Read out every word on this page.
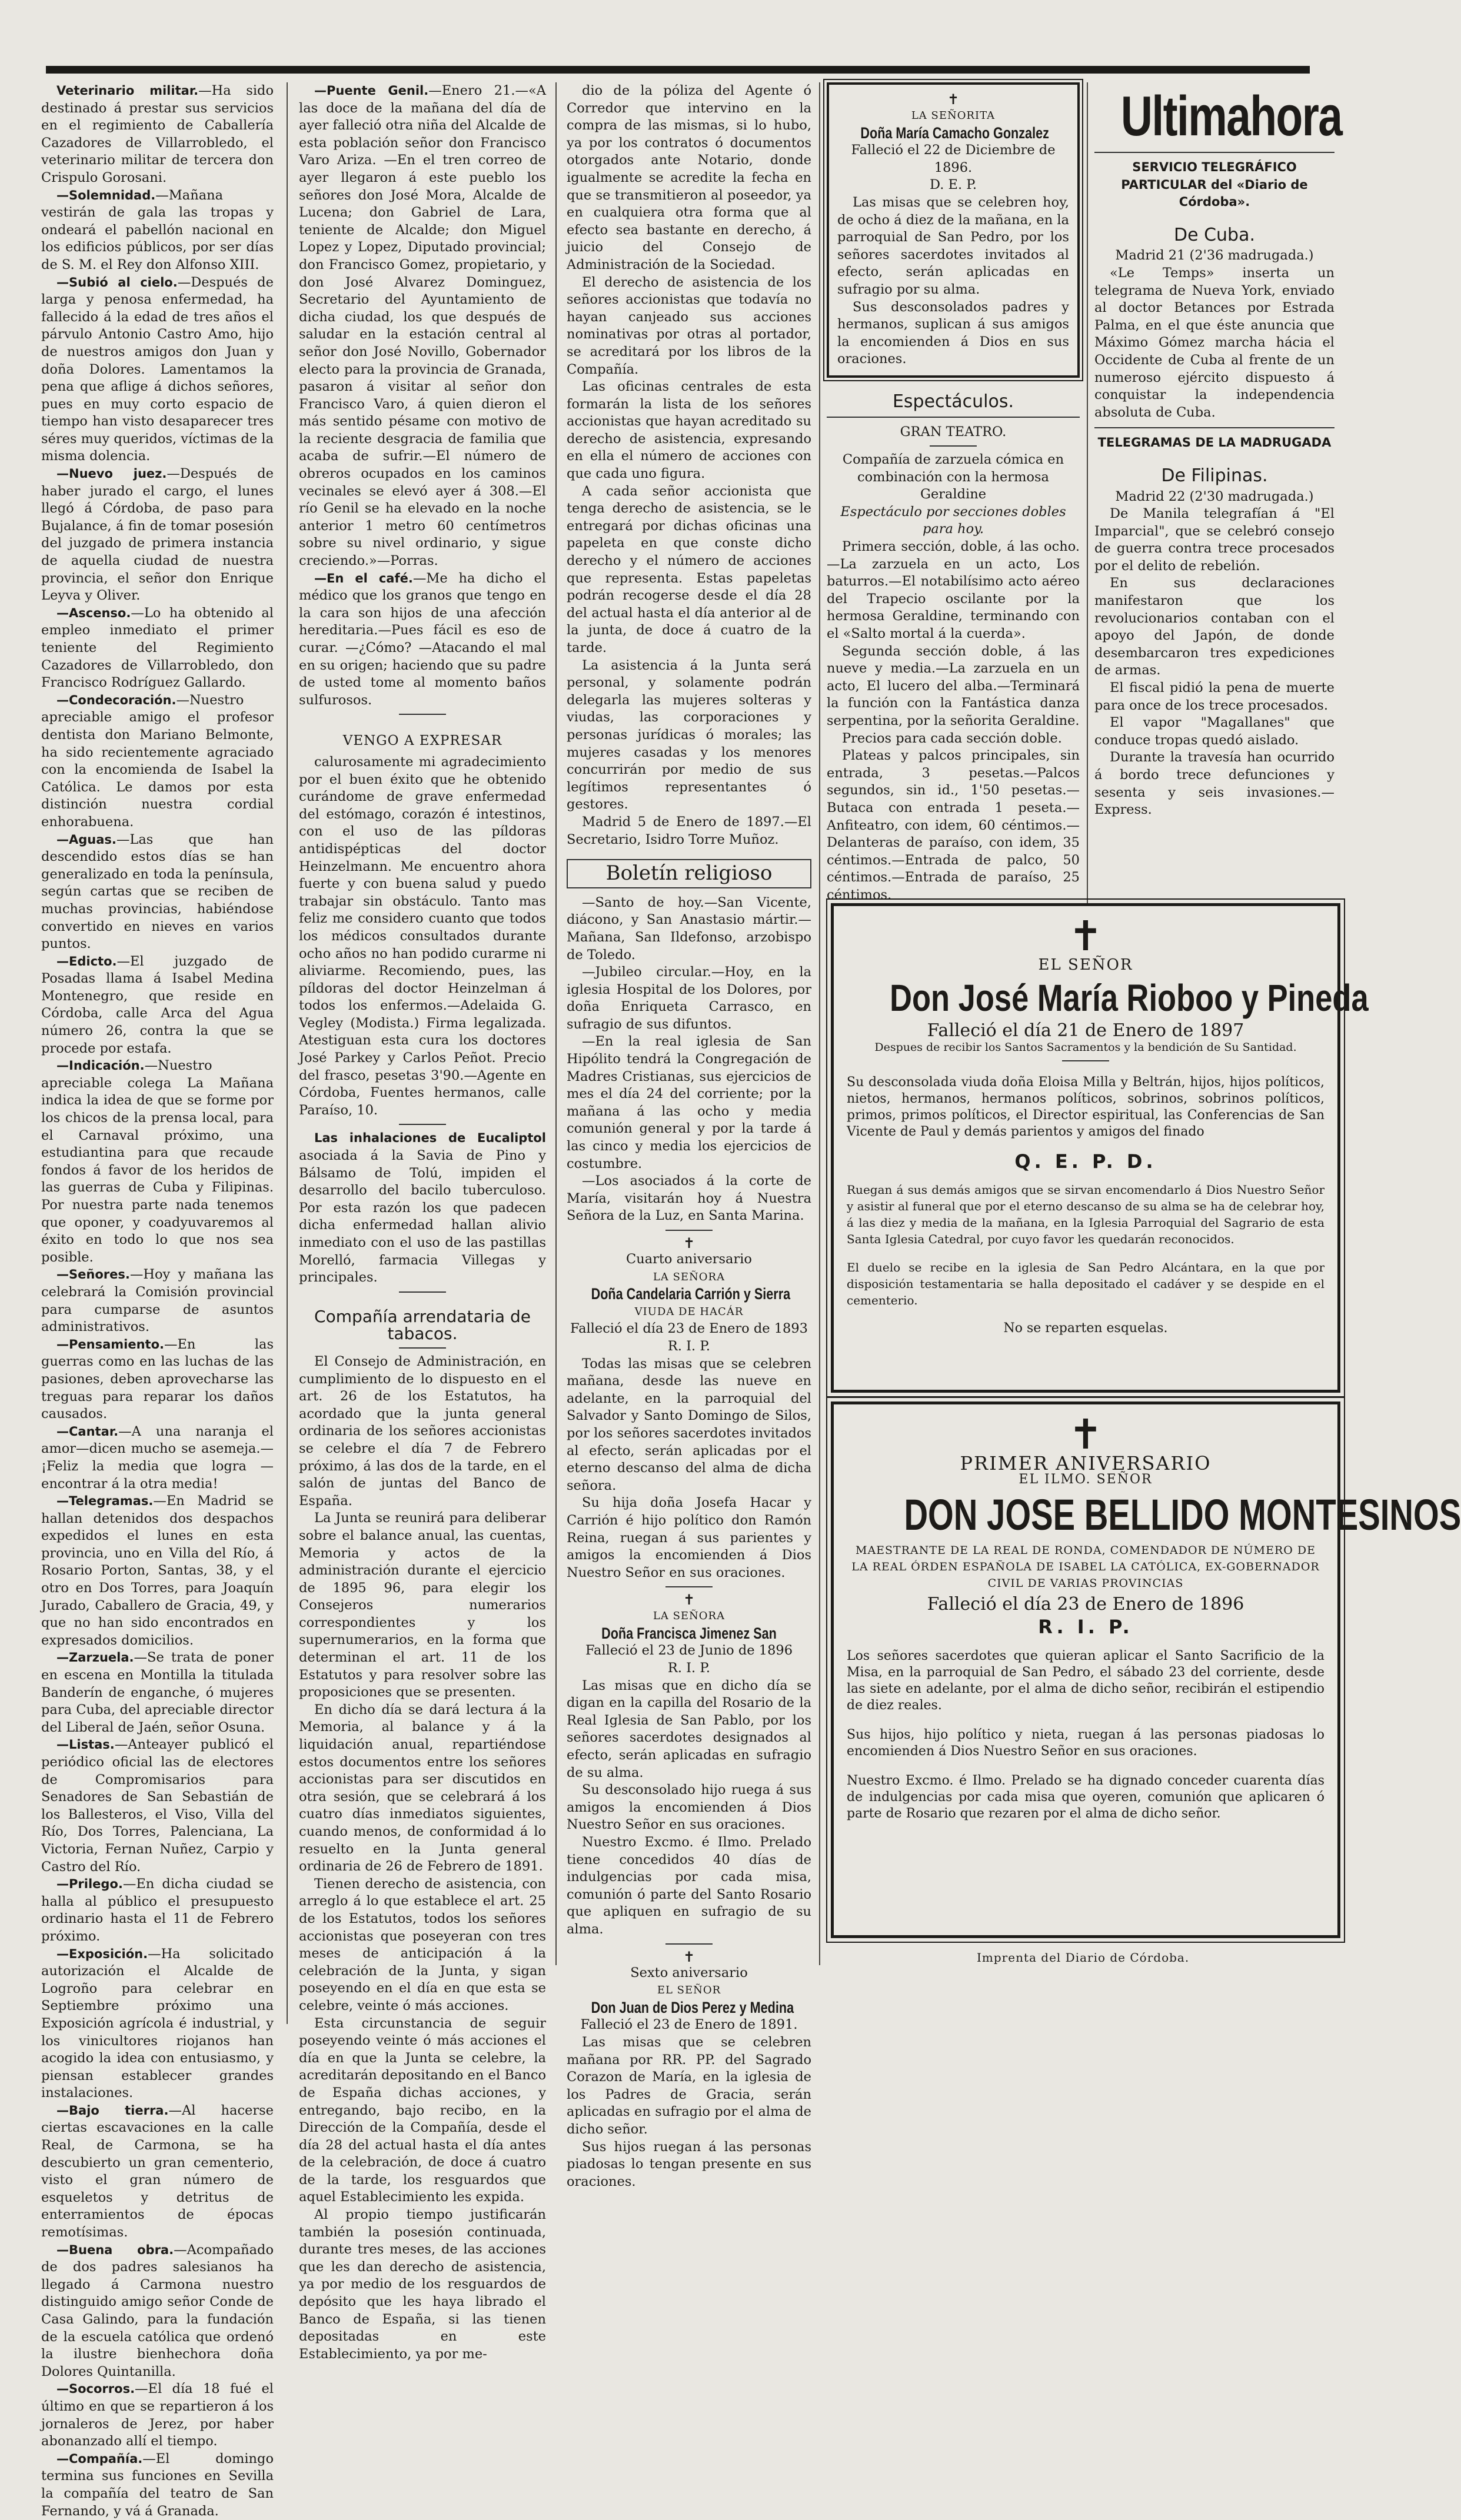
Veterinario militar.—Ha sido destinado á prestar sus servicios en el regimiento de Caballería Cazadores de Villarrobledo, el veterinario militar de tercera don Crispulo Gorosani.

—Solemnidad.—Mañana vestirán de gala las tropas y ondeará el pabellón nacional en los edificios públicos, por ser días de S. M. el Rey don Alfonso XIII.

—Subió al cielo.—Después de larga y penosa enfermedad, ha fallecido á la edad de tres años el párvulo Antonio Castro Amo, hijo de nuestros amigos don Juan y doña Dolores. Lamentamos la pena que aflige á dichos señores, pues en muy corto espacio de tiempo han visto desaparecer tres séres muy queridos, víctimas de la misma dolencia.

—Nuevo juez.—Después de haber jurado el cargo, el lunes llegó á Córdoba, de paso para Bujalance, á fin de tomar posesión del juzgado de primera instancia de aquella ciudad de nuestra provincia, el señor don Enrique Leyva y Oliver.

—Ascenso.—Lo ha obtenido al empleo inmediato el primer teniente del Regimiento Cazadores de Villarrobledo, don Francisco Rodríguez Gallardo.

—Condecoración.—Nuestro apreciable amigo el profesor dentista don Mariano Belmonte, ha sido recientemente agraciado con la encomienda de Isabel la Católica. Le damos por esta distinción nuestra cordial enhorabuena.

—Aguas.—Las que han descendido estos días se han generalizado en toda la península, según cartas que se reciben de muchas provincias, habiéndose convertido en nieves en varios puntos.

—Edicto.—El juzgado de Posadas llama á Isabel Medina Montenegro, que reside en Córdoba, calle Arca del Agua número 26, contra la que se procede por estafa.

—Indicación.—Nuestro apreciable colega La Mañana indica la idea de que se forme por los chicos de la prensa local, para el Carnaval próximo, una estudiantina para que recaude fondos á favor de los heridos de las guerras de Cuba y Filipinas. Por nuestra parte nada tenemos que oponer, y coadyuvaremos al éxito en todo lo que nos sea posible.

—Señores.—Hoy y mañana las celebrará la Comisión provincial para cumparse de asuntos administrativos.

—Pensamiento.—En las guerras como en las luchas de las pasiones, deben aprovecharse las treguas para reparar los daños causados.

—Cantar.—A una naranja el amor—dicen mucho se asemeja.—¡Feliz la media que logra —encontrar á la otra media!

—Telegramas.—En Madrid se hallan detenidos dos despachos expedidos el lunes en esta provincia, uno en Villa del Río, á Rosario Porton, Santas, 38, y el otro en Dos Torres, para Joaquín Jurado, Caballero de Gracia, 49, y que no han sido encontrados en expresados domicilios.

—Zarzuela.—Se trata de poner en escena en Montilla la titulada Banderín de enganche, ó mujeres para Cuba, del apreciable director del Liberal de Jaén, señor Osuna.

—Listas.—Anteayer publicó el periódico oficial las de electores de Compromisarios para Senadores de San Sebastián de los Ballesteros, el Viso, Villa del Río, Dos Torres, Palenciana, La Victoria, Fernan Nuñez, Carpio y Castro del Río.

—Prilego.—En dicha ciudad se halla al público el presupuesto ordinario hasta el 11 de Febrero próximo.

—Exposición.—Ha solicitado autorización el Alcalde de Logroño para celebrar en Septiembre próximo una Exposición agrícola é industrial, y los vinicultores riojanos han acogido la idea con entusiasmo, y piensan establecer grandes instalaciones.

—Bajo tierra.—Al hacerse ciertas escavaciones en la calle Real, de Carmona, se ha descubierto un gran cementerio, visto el gran número de esqueletos y detritus de enterramientos de épocas remotísimas.

—Buena obra.—Acompañado de dos padres salesianos ha llegado á Carmona nuestro distinguido amigo señor Conde de Casa Galindo, para la fundación de la escuela católica que ordenó la ilustre bienhechora doña Dolores Quintanilla.

—Socorros.—El día 18 fué el último en que se repartieron á los jornaleros de Jerez, por haber abonanzado allí el tiempo.

—Compañía.—El domingo termina sus funciones en Sevilla la compañía del teatro de San Fernando, y vá á Granada.

—Puente Genil.—Enero 21.—«A las doce de la mañana del día de ayer falleció otra niña del Alcalde de esta población señor don Francisco Varo Ariza. —En el tren correo de ayer llegaron á este pueblo los señores don José Mora, Alcalde de Lucena; don Gabriel de Lara, teniente de Alcalde; don Miguel Lopez y Lopez, Diputado provincial; don Francisco Gomez, propietario, y don José Alvarez Dominguez, Secretario del Ayuntamiento de dicha ciudad, los que después de saludar en la estación central al señor don José Novillo, Gobernador electo para la provincia de Granada, pasaron á visitar al señor don Francisco Varo, á quien dieron el más sentido pésame con motivo de la reciente desgracia de familia que acaba de sufrir.—El número de obreros ocupados en los caminos vecinales se elevó ayer á 308.—El río Genil se ha elevado en la noche anterior 1 metro 60 centímetros sobre su nivel ordinario, y sigue creciendo.»—Porras.

—En el café.—Me ha dicho el médico que los granos que tengo en la cara son hijos de una afección hereditaria.—Pues fácil es eso de curar. —¿Cómo? —Atacando el mal en su origen; haciendo que su padre de usted tome al momento baños sulfurosos.

VENGO A EXPRESAR

calurosamente mi agradecimiento por el buen éxito que he obtenido curándome de grave enfermedad del estómago, corazón é intestinos, con el uso de las píldoras antidispépticas del doctor Heinzelmann. Me encuentro ahora fuerte y con buena salud y puedo trabajar sin obstáculo. Tanto mas feliz me considero cuanto que todos los médicos consultados durante ocho años no han podido curarme ni aliviarme. Recomiendo, pues, las píldoras del doctor Heinzelman á todos los enfermos.—Adelaida G. Vegley (Modista.) Firma legalizada. Atestiguan esta cura los doctores José Parkey y Carlos Peñot. Precio del frasco, pesetas 3'90.—Agente en Córdoba, Fuentes hermanos, calle Paraíso, 10.

Las inhalaciones de Eucaliptol asociada á la Savia de Pino y Bálsamo de Tolú, impiden el desarrollo del bacilo tuberculoso. Por esta razón los que padecen dicha enfermedad hallan alivio inmediato con el uso de las pastillas Morelló, farmacia Villegas y principales.

Compañía arrendataria de tabacos.

El Consejo de Administración, en cumplimiento de lo dispuesto en el art. 26 de los Estatutos, ha acordado que la junta general ordinaria de los señores accionistas se celebre el día 7 de Febrero próximo, á las dos de la tarde, en el salón de juntas del Banco de España.

La Junta se reunirá para deliberar sobre el balance anual, las cuentas, Memoria y actos de la administración durante el ejercicio de 1895 96, para elegir los Consejeros numerarios correspondientes y los supernumerarios, en la forma que determinan el art. 11 de los Estatutos y para resolver sobre las proposiciones que se presenten.

En dicho día se dará lectura á la Memoria, al balance y á la liquidación anual, repartiéndose estos documentos entre los señores accionistas para ser discutidos en otra sesión, que se celebrará á los cuatro días inmediatos siguientes, cuando menos, de conformidad á lo resuelto en la Junta general ordinaria de 26 de Febrero de 1891.

Tienen derecho de asistencia, con arreglo á lo que establece el art. 25 de los Estatutos, todos los señores accionistas que poseyeran con tres meses de anticipación á la celebración de la Junta, y sigan poseyendo en el día en que esta se celebre, veinte ó más acciones.

Esta circunstancia de seguir poseyendo veinte ó más acciones el día en que la Junta se celebre, la acreditarán depositando en el Banco de España dichas acciones, y entregando, bajo recibo, en la Dirección de la Compañía, desde el día 28 del actual hasta el día antes de la celebración, de doce á cuatro de la tarde, los resguardos que aquel Establecimiento les expida.

Al propio tiempo justificarán también la posesión continuada, durante tres meses, de las acciones que les dan derecho de asistencia, ya por medio de los resguardos de depósito que les haya librado el Banco de España, si las tienen depositadas en este Establecimiento, ya por me-

dio de la póliza del Agente ó Corredor que intervino en la compra de las mismas, si lo hubo, ya por los contratos ó documentos otorgados ante Notario, donde igualmente se acredite la fecha en que se transmitieron al poseedor, ya en cualquiera otra forma que al efecto sea bastante en derecho, á juicio del Consejo de Administración de la Sociedad.

El derecho de asistencia de los señores accionistas que todavía no hayan canjeado sus acciones nominativas por otras al portador, se acreditará por los libros de la Compañía.

Las oficinas centrales de esta formarán la lista de los señores accionistas que hayan acreditado su derecho de asistencia, expresando en ella el número de acciones con que cada uno figura.

A cada señor accionista que tenga derecho de asistencia, se le entregará por dichas oficinas una papeleta en que conste dicho derecho y el número de acciones que representa. Estas papeletas podrán recogerse desde el día 28 del actual hasta el día anterior al de la junta, de doce á cuatro de la tarde.

La asistencia á la Junta será personal, y solamente podrán delegarla las mujeres solteras y viudas, las corporaciones y personas jurídicas ó morales; las mujeres casadas y los menores concurrirán por medio de sus legítimos representantes ó gestores.

Madrid 5 de Enero de 1897.—El Secretario, Isidro Torre Muñoz.

Boletín religioso

—Santo de hoy.—San Vicente, diácono, y San Anastasio mártir.—Mañana, San Ildefonso, arzobispo de Toledo.

—Jubileo circular.—Hoy, en la iglesia Hospital de los Dolores, por doña Enriqueta Carrasco, en sufragio de sus difuntos.

—En la real iglesia de San Hipólito tendrá la Congregación de Madres Cristianas, sus ejercicios de mes el día 24 del corriente; por la mañana á las ocho y media comunión general y por la tarde á las cinco y media los ejercicios de costumbre.

—Los asociados á la corte de María, visitarán hoy á Nuestra Señora de la Luz, en Santa Marina.

✝
Cuarto aniversario
LA SEÑORA
Doña Candelaria Carrión y Sierra
VIUDA DE HACÁR
Falleció el día 23 de Enero de 1893
R. I. P.

Todas las misas que se celebren mañana, desde las nueve en adelante, en la parroquial del Salvador y Santo Domingo de Silos, por los señores sacerdotes invitados al efecto, serán aplicadas por el eterno descanso del alma de dicha señora.

Su hija doña Josefa Hacar y Carrión é hijo político don Ramón Reina, ruegan á sus parientes y amigos la encomienden á Dios Nuestro Señor en sus oraciones.

✝
LA SEÑORA
Doña Francisca Jimenez San
Falleció el 23 de Junio de 1896
R. I. P.

Las misas que en dicho día se digan en la capilla del Rosario de la Real Iglesia de San Pablo, por los señores sacerdotes designados al efecto, serán aplicadas en sufragio de su alma.

Su desconsolado hijo ruega á sus amigos la encomienden á Dios Nuestro Señor en sus oraciones.

Nuestro Excmo. é Ilmo. Prelado tiene concedidos 40 días de indulgencias por cada misa, comunión ó parte del Santo Rosario que apliquen en sufragio de su alma.

✝
Sexto aniversario
EL SEÑOR
Don Juan de Dios Perez y Medina
Falleció el 23 de Enero de 1891.

Las misas que se celebren mañana por RR. PP. del Sagrado Corazon de María, en la iglesia de los Padres de Gracia, serán aplicadas en sufragio por el alma de dicho señor.

Sus hijos ruegan á las personas piadosas lo tengan presente en sus oraciones.

✝
LA SEÑORITA
Doña María Camacho Gonzalez
Falleció el 22 de Diciembre de 1896.
D. E. P.

Las misas que se celebren hoy, de ocho á diez de la mañana, en la parroquial de San Pedro, por los señores sacerdotes invitados al efecto, serán aplicadas en sufragio por su alma.

Sus desconsolados padres y hermanos, suplican á sus amigos la encomienden á Dios en sus oraciones.

Espectáculos.
GRAN TEATRO.
Compañía de zarzuela cómica en combinación con la hermosa Geraldine
Espectáculo por secciones dobles para hoy.

Primera sección, doble, á las ocho.—La zarzuela en un acto, Los baturros.—El notabilísimo acto aéreo del Trapecio oscilante por la hermosa Geraldine, terminando con el «Salto mortal á la cuerda».

Segunda sección doble, á las nueve y media.—La zarzuela en un acto, El lucero del alba.—Terminará la función con la Fantástica danza serpentina, por la señorita Geraldine.

Precios para cada sección doble.

Plateas y palcos principales, sin entrada, 3 pesetas.—Palcos segundos, sin id., 1'50 pesetas.—Butaca con entrada 1 peseta.—Anfiteatro, con idem, 60 céntimos.—Delanteras de paraíso, con idem, 35 céntimos.—Entrada de palco, 50 céntimos.—Entrada de paraíso, 25 céntimos.

Ultimahora
SERVICIO TELEGRÁFICO PARTICULAR del «Diario de Córdoba».
De Cuba.
Madrid 21 (2'36 madrugada.)

«Le Temps» inserta un telegrama de Nueva York, enviado al doctor Betances por Estrada Palma, en el que éste anuncia que Máximo Gómez marcha hácia el Occidente de Cuba al frente de un numeroso ejército dispuesto á conquistar la independencia absoluta de Cuba.

TELEGRAMAS DE LA MADRUGADA
De Filipinas.
Madrid 22 (2'30 madrugada.)

De Manila telegrafían á "El Imparcial", que se celebró consejo de guerra contra trece procesados por el delito de rebelión.

En sus declaraciones manifestaron que los revolucionarios contaban con el apoyo del Japón, de donde desembarcaron tres expediciones de armas.

El fiscal pidió la pena de muerte para once de los trece procesados.

El vapor "Magallanes" que conduce tropas quedó aislado.

Durante la travesía han ocurrido á bordo trece defunciones y sesenta y seis invasiones.—Express.

✝
EL SEÑOR
Don José María Rioboo y Pineda
Falleció el día 21 de Enero de 1897
Despues de recibir los Santos Sacramentos y la bendición de Su Santidad.

Su desconsolada viuda doña Eloisa Milla y Beltrán, hijos, hijos políticos, nietos, hermanos, hermanos políticos, sobrinos, sobrinos políticos, primos, primos políticos, el Director espiritual, las Conferencias de San Vicente de Paul y demás parientos y amigos del finado

Q. E. P. D.

Ruegan á sus demás amigos que se sirvan encomendarlo á Dios Nuestro Señor y asistir al funeral que por el eterno descanso de su alma se ha de celebrar hoy, á las diez y media de la mañana, en la Iglesia Parroquial del Sagrario de esta Santa Iglesia Catedral, por cuyo favor les quedarán reconocidos.

El duelo se recibe en la iglesia de San Pedro Alcántara, en la que por disposición testamentaria se halla depositado el cadáver y se despide en el cementerio.

No se reparten esquelas.
✝
PRIMER ANIVERSARIO
EL ILMO. SEÑOR
DON JOSE BELLIDO MONTESINOS
MAESTRANTE DE LA REAL DE RONDA, COMENDADOR DE NÚMERO DE LA REAL ÓRDEN ESPAÑOLA DE ISABEL LA CATÓLICA, EX-GOBERNADOR CIVIL DE VARIAS PROVINCIAS
Falleció el día 23 de Enero de 1896
R. I. P.

Los señores sacerdotes que quieran aplicar el Santo Sacrificio de la Misa, en la parroquial de San Pedro, el sábado 23 del corriente, desde las siete en adelante, por el alma de dicho señor, recibirán el estipendio de diez reales.

Sus hijos, hijo político y nieta, ruegan á las personas piadosas lo encomienden á Dios Nuestro Señor en sus oraciones.

Nuestro Excmo. é Ilmo. Prelado se ha dignado conceder cuarenta días de indulgencias por cada misa que oyeren, comunión que aplicaren ó parte de Rosario que rezaren por el alma de dicho señor.

Imprenta del Diario de Córdoba.
